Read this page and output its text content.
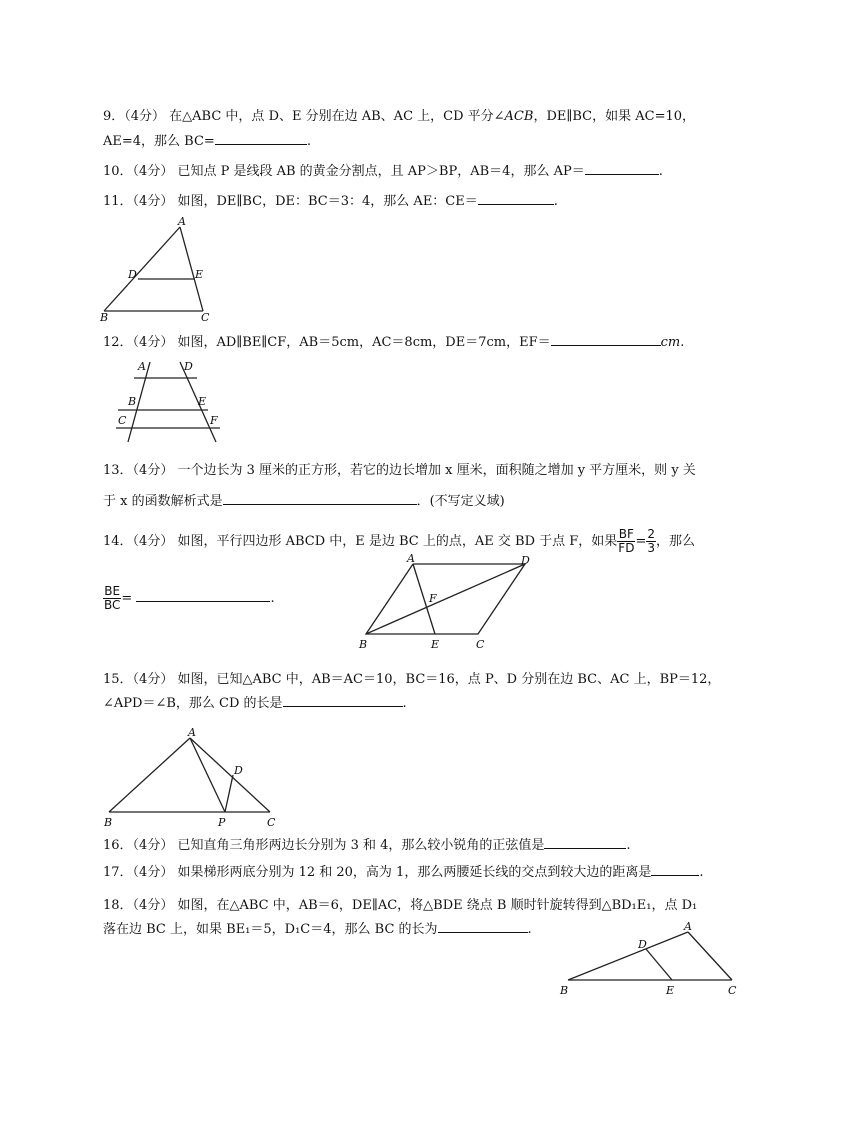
9．（4分） 在△ABC 中，点 D、E 分别在边 AB、AC 上，CD 平分∠ACB，DE∥BC，如果 AC=10，
AE=4，那么 BC=	.
10．（4分） 已知点 P 是线段 AB 的黄金分割点，且 AP＞BP，AB＝4，那么 AP＝	.
11．（4分） 如图，DE∥BC，DE：BC＝3：4，那么 AE：CE＝	.
A
B	C
D	E
12．（4分） 如图，AD∥BE∥CF，AB＝5cm，AC＝8cm，DE＝7cm，EF＝	cm.
A	D
B	E
C	F
13．（4分） 一个边长为 3 厘米的正方形，若它的边长增加 x 厘米，面积随之增加 y 平方厘米，则 y 关
于 x 的函数解析式是	．(不写定义域)
14．（4分） 如图，平行四边形 ABCD 中，E 是边 BC 上的点，AE 交 BD 于点 F，如果 $\frac{BF}{FD} = \frac{2}{3}$ ，那么
$\frac{BE}{BC}$ =	.
A	D
B	E	C
F
15．（4分） 如图，已知△ABC 中，AB＝AC＝10，BC＝16，点 P、D 分别在边 BC、AC 上，BP＝12，
∠APD＝∠B，那么 CD 的长是	.
A
D
B	P	C
16．（4分） 已知直角三角形两边长分别为 3 和 4，那么较小锐角的正弦值是	.
17．（4分） 如果梯形两底分别为 12 和 20，高为 1，那么两腰延长线的交点到较大边的距离是	.
18．（4分） 如图，在△ABC 中，AB＝6，DE∥AC，将△BDE 绕点 B 顺时针旋转得到△BD₁E₁，点 D₁
落在边 BC 上，如果 BE₁＝5，D₁C＝4，那么 BC 的长为	.	A
D
B	E	C
